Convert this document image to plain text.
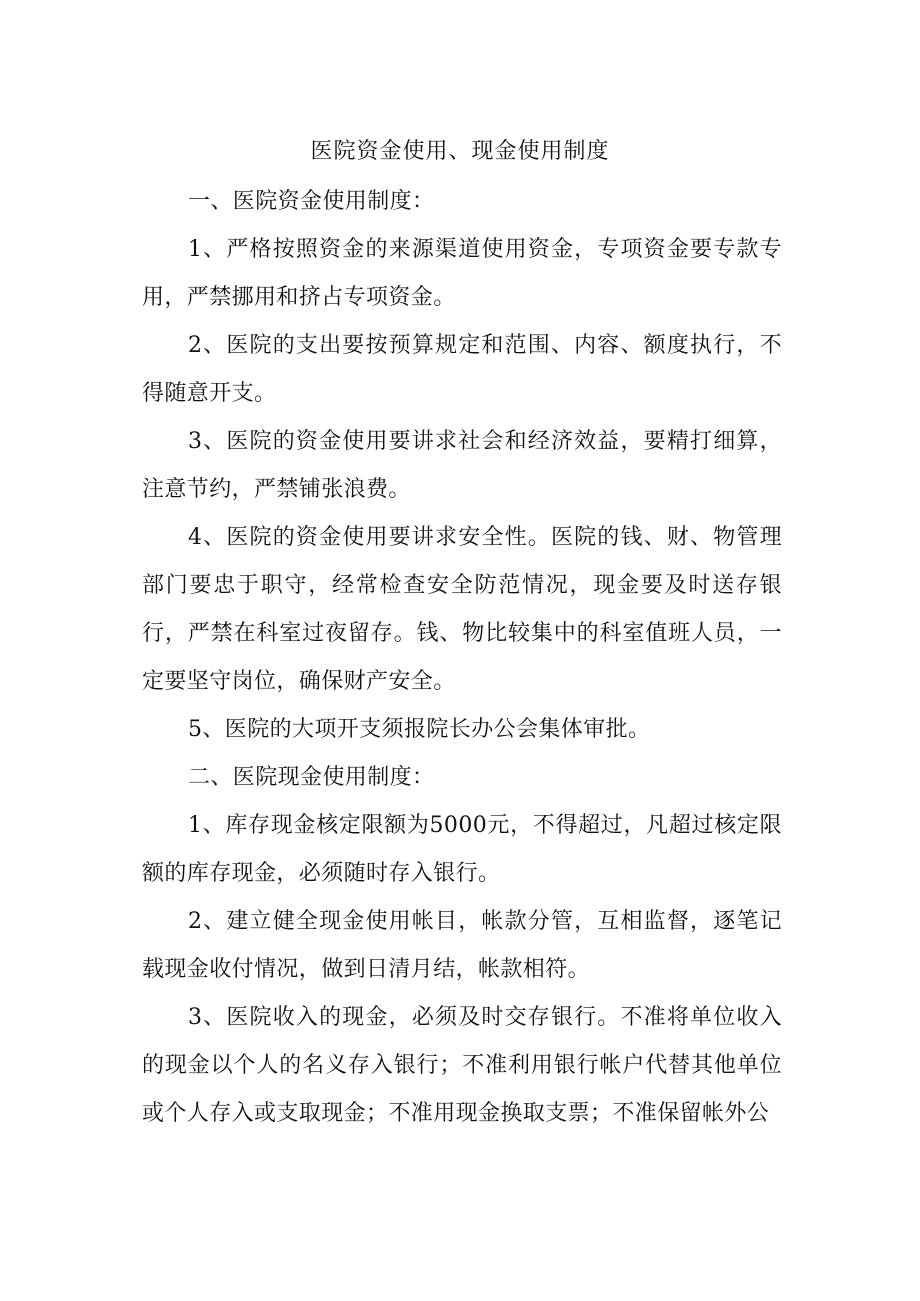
医院资金使用、现金使用制度

一、医院资金使用制度：

1、严格按照资金的来源渠道使用资金，专项资金要专款专用，严禁挪用和挤占专项资金。

2、医院的支出要按预算规定和范围、内容、额度执行，不得随意开支。

3、医院的资金使用要讲求社会和经济效益，要精打细算，注意节约，严禁铺张浪费。

4、医院的资金使用要讲求安全性。医院的钱、财、物管理部门要忠于职守，经常检查安全防范情况，现金要及时送存银行，严禁在科室过夜留存。钱、物比较集中的科室值班人员，一定要坚守岗位，确保财产安全。

5、医院的大项开支须报院长办公会集体审批。

二、医院现金使用制度：

1、库存现金核定限额为5000元，不得超过，凡超过核定限额的库存现金，必须随时存入银行。

2、建立健全现金使用帐目，帐款分管，互相监督，逐笔记载现金收付情况，做到日清月结，帐款相符。

3、医院收入的现金，必须及时交存银行。不准将单位收入的现金以个人的名义存入银行；不准利用银行帐户代替其他单位或个人存入或支取现金；不准用现金换取支票；不准保留帐外公
